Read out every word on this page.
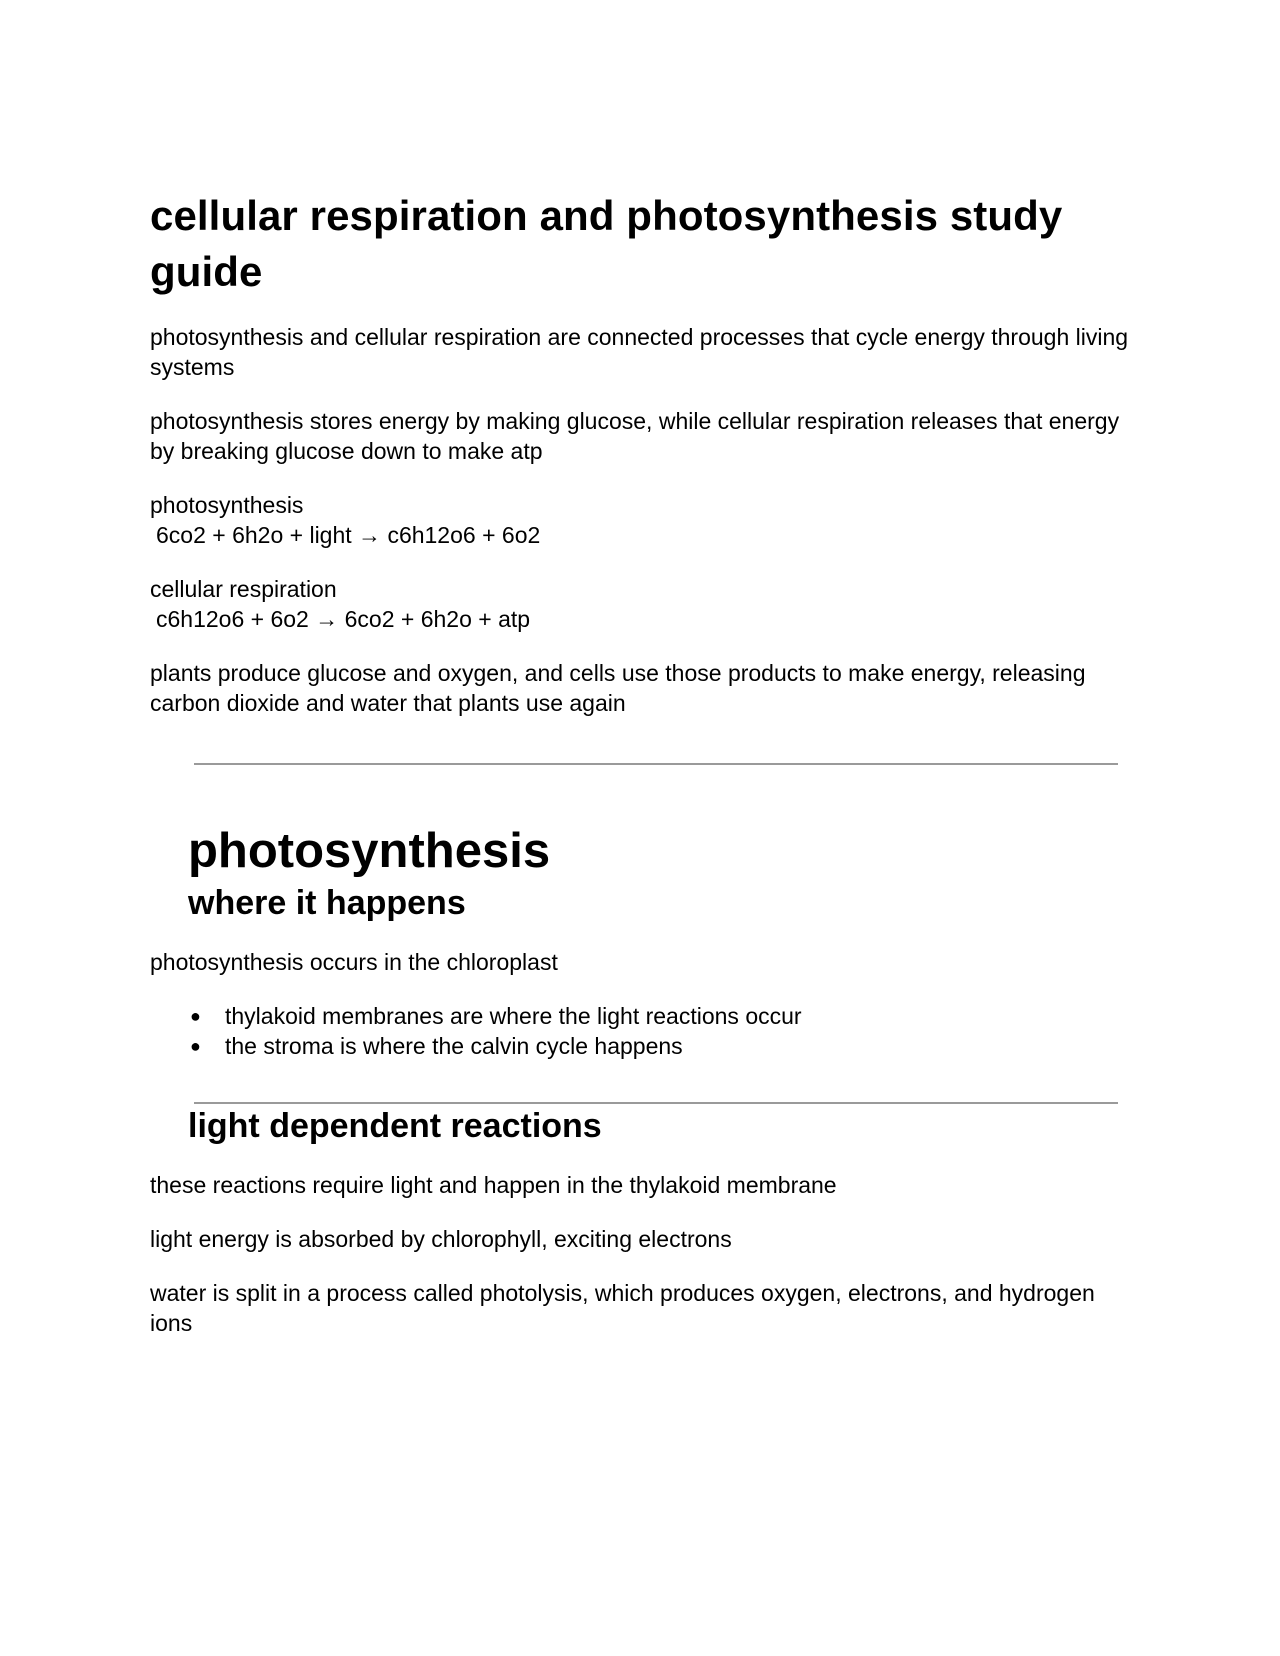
cellular respiration and photosynthesis study guide

photosynthesis and cellular respiration are connected processes that cycle energy through living systems

photosynthesis stores energy by making glucose, while cellular respiration releases that energy by breaking glucose down to make atp

photosynthesis

6co2 + 6h2o + light → c6h12o6 + 6o2

cellular respiration

c6h12o6 + 6o2 → 6co2 + 6h2o + atp

plants produce glucose and oxygen, and cells use those products to make energy, releasing carbon dioxide and water that plants use again

photosynthesis
where it happens

photosynthesis occurs in the chloroplast

● thylakoid membranes are where the light reactions occur
● the stroma is where the calvin cycle happens
light dependent reactions

these reactions require light and happen in the thylakoid membrane

light energy is absorbed by chlorophyll, exciting electrons

water is split in a process called photolysis, which produces oxygen, electrons, and hydrogen ions
